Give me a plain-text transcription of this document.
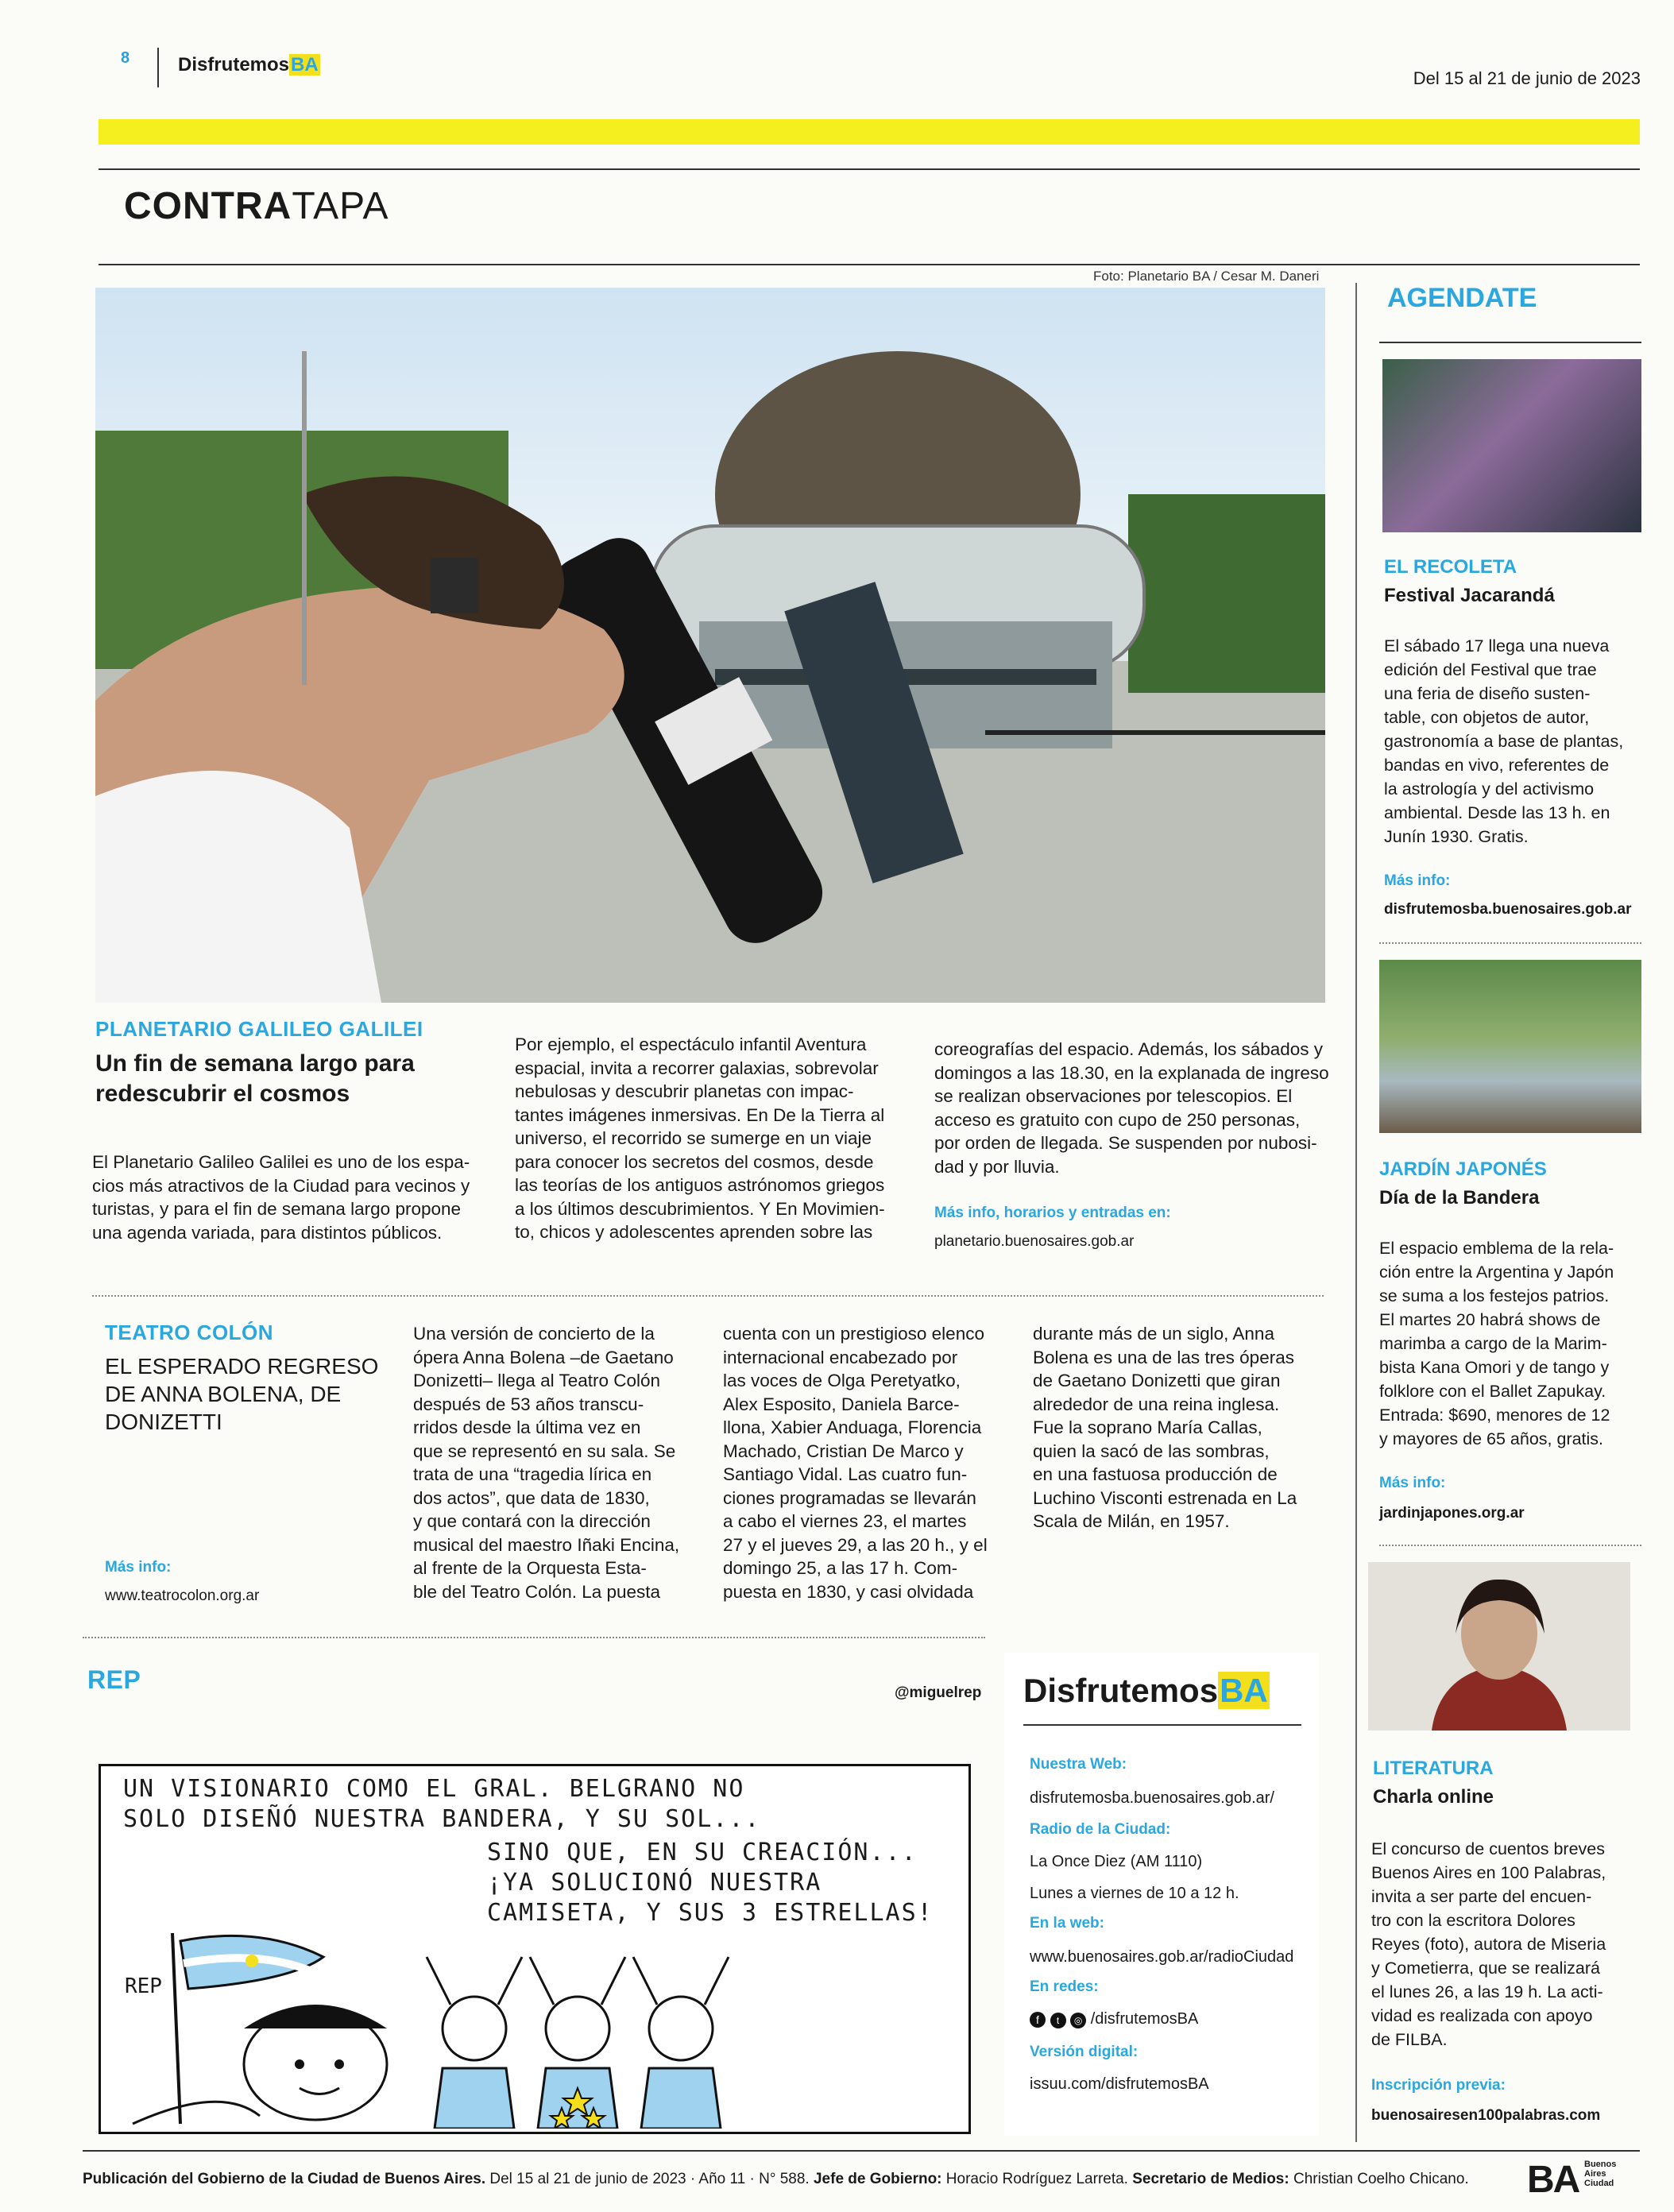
8	DisfrutemosBA
Del 15 al 21 de junio de 2023
CONTRATAPA
Foto: Planetario BA / Cesar M. Daneri
PLANETARIO GALILEO GALILEI
Un fin de semana largo para
redescubrir el cosmos
El Planetario Galileo Galilei es uno de los espa-
cios más atractivos de la Ciudad para vecinos y
turistas, y para el fin de semana largo propone
una agenda variada, para distintos públicos.
Por ejemplo, el espectáculo infantil Aventura
espacial, invita a recorrer galaxias, sobrevolar
nebulosas y descubrir planetas con impac-
tantes imágenes inmersivas. En De la Tierra al
universo, el recorrido se sumerge en un viaje
para conocer los secretos del cosmos, desde
las teorías de los antiguos astrónomos griegos
a los últimos descubrimientos. Y En Movimien-
to, chicos y adolescentes aprenden sobre las
coreografías del espacio. Además, los sábados y
domingos a las 18.30, en la explanada de ingreso
se realizan observaciones por telescopios. El
acceso es gratuito con cupo de 250 personas,
por orden de llegada. Se suspenden por nubosi-
dad y por lluvia.
Más info, horarios y entradas en:
planetario.buenosaires.gob.ar
TEATRO COLÓN
EL ESPERADO REGRESO
DE ANNA BOLENA, DE
DONIZETTI
Más info:
www.teatrocolon.org.ar
Una versión de concierto de la
ópera Anna Bolena –de Gaetano
Donizetti– llega al Teatro Colón
después de 53 años transcu-
rridos desde la última vez en
que se representó en su sala. Se
trata de una “tragedia lírica en
dos actos”, que data de 1830,
y que contará con la dirección
musical del maestro Iñaki Encina,
al frente de la Orquesta Esta-
ble del Teatro Colón. La puesta
cuenta con un prestigioso elenco
internacional encabezado por
las voces de Olga Peretyatko,
Alex Esposito, Daniela Barce-
llona, Xabier Anduaga, Florencia
Machado, Cristian De Marco y
Santiago Vidal. Las cuatro fun-
ciones programadas se llevarán
a cabo el viernes 23, el martes
27 y el jueves 29, a las 20 h., y el
domingo 25, a las 17 h. Com-
puesta en 1830, y casi olvidada
durante más de un siglo, Anna
Bolena es una de las tres óperas
de Gaetano Donizetti que giran
alrededor de una reina inglesa.
Fue la soprano María Callas,
quien la sacó de las sombras,
en una fastuosa producción de
Luchino Visconti estrenada en La
Scala de Milán, en 1957.
REP	@miguelrep
UN VISIONARIO COMO EL GRAL. BELGRANO NO
SOLO DISEÑÓ NUESTRA BANDERA, Y SU SOL...
SINO QUE, EN SU CREACIÓN...
¡YA SOLUCIONÓ NUESTRA
CAMISETA, Y SUS 3 ESTRELLAS!
REP
DisfrutemosBA
Nuestra Web:
disfrutemosba.buenosaires.gob.ar/
Radio de la Ciudad:
La Once Diez (AM 1110)
Lunes a viernes de 10 a 12 h.
En la web:
www.buenosaires.gob.ar/radioCiudad
En redes:
f t ◎ /disfrutemosBA
Versión digital:
issuu.com/disfrutemosBA
AGENDATE
EL RECOLETA
Festival Jacarandá
El sábado 17 llega una nueva
edición del Festival que trae
una feria de diseño susten-
table, con objetos de autor,
gastronomía a base de plantas,
bandas en vivo, referentes de
la astrología y del activismo
ambiental. Desde las 13 h. en
Junín 1930. Gratis.
Más info:
disfrutemosba.buenosaires.gob.ar
JARDÍN JAPONÉS
Día de la Bandera
El espacio emblema de la rela-
ción entre la Argentina y Japón
se suma a los festejos patrios.
El martes 20 habrá shows de
marimba a cargo de la Marim-
bista Kana Omori y de tango y
folklore con el Ballet Zapukay.
Entrada: $690, menores de 12
y mayores de 65 años, gratis.
Más info:
jardinjapones.org.ar
LITERATURA
Charla online
El concurso de cuentos breves
Buenos Aires en 100 Palabras,
invita a ser parte del encuen-
tro con la escritora Dolores
Reyes (foto), autora de Miseria
y Cometierra, que se realizará
el lunes 26, a las 19 h. La acti-
vidad es realizada con apoyo
de FILBA.
Inscripción previa:
buenosairesen100palabras.com
Publicación del Gobierno de la Ciudad de Buenos Aires. Del 15 al 21 de junio de 2023 · Año 11 · N° 588. Jefe de Gobierno: Horacio Rodríguez Larreta. Secretario de Medios: Christian Coelho Chicano. BA Buenos
Aires
Ciudad
